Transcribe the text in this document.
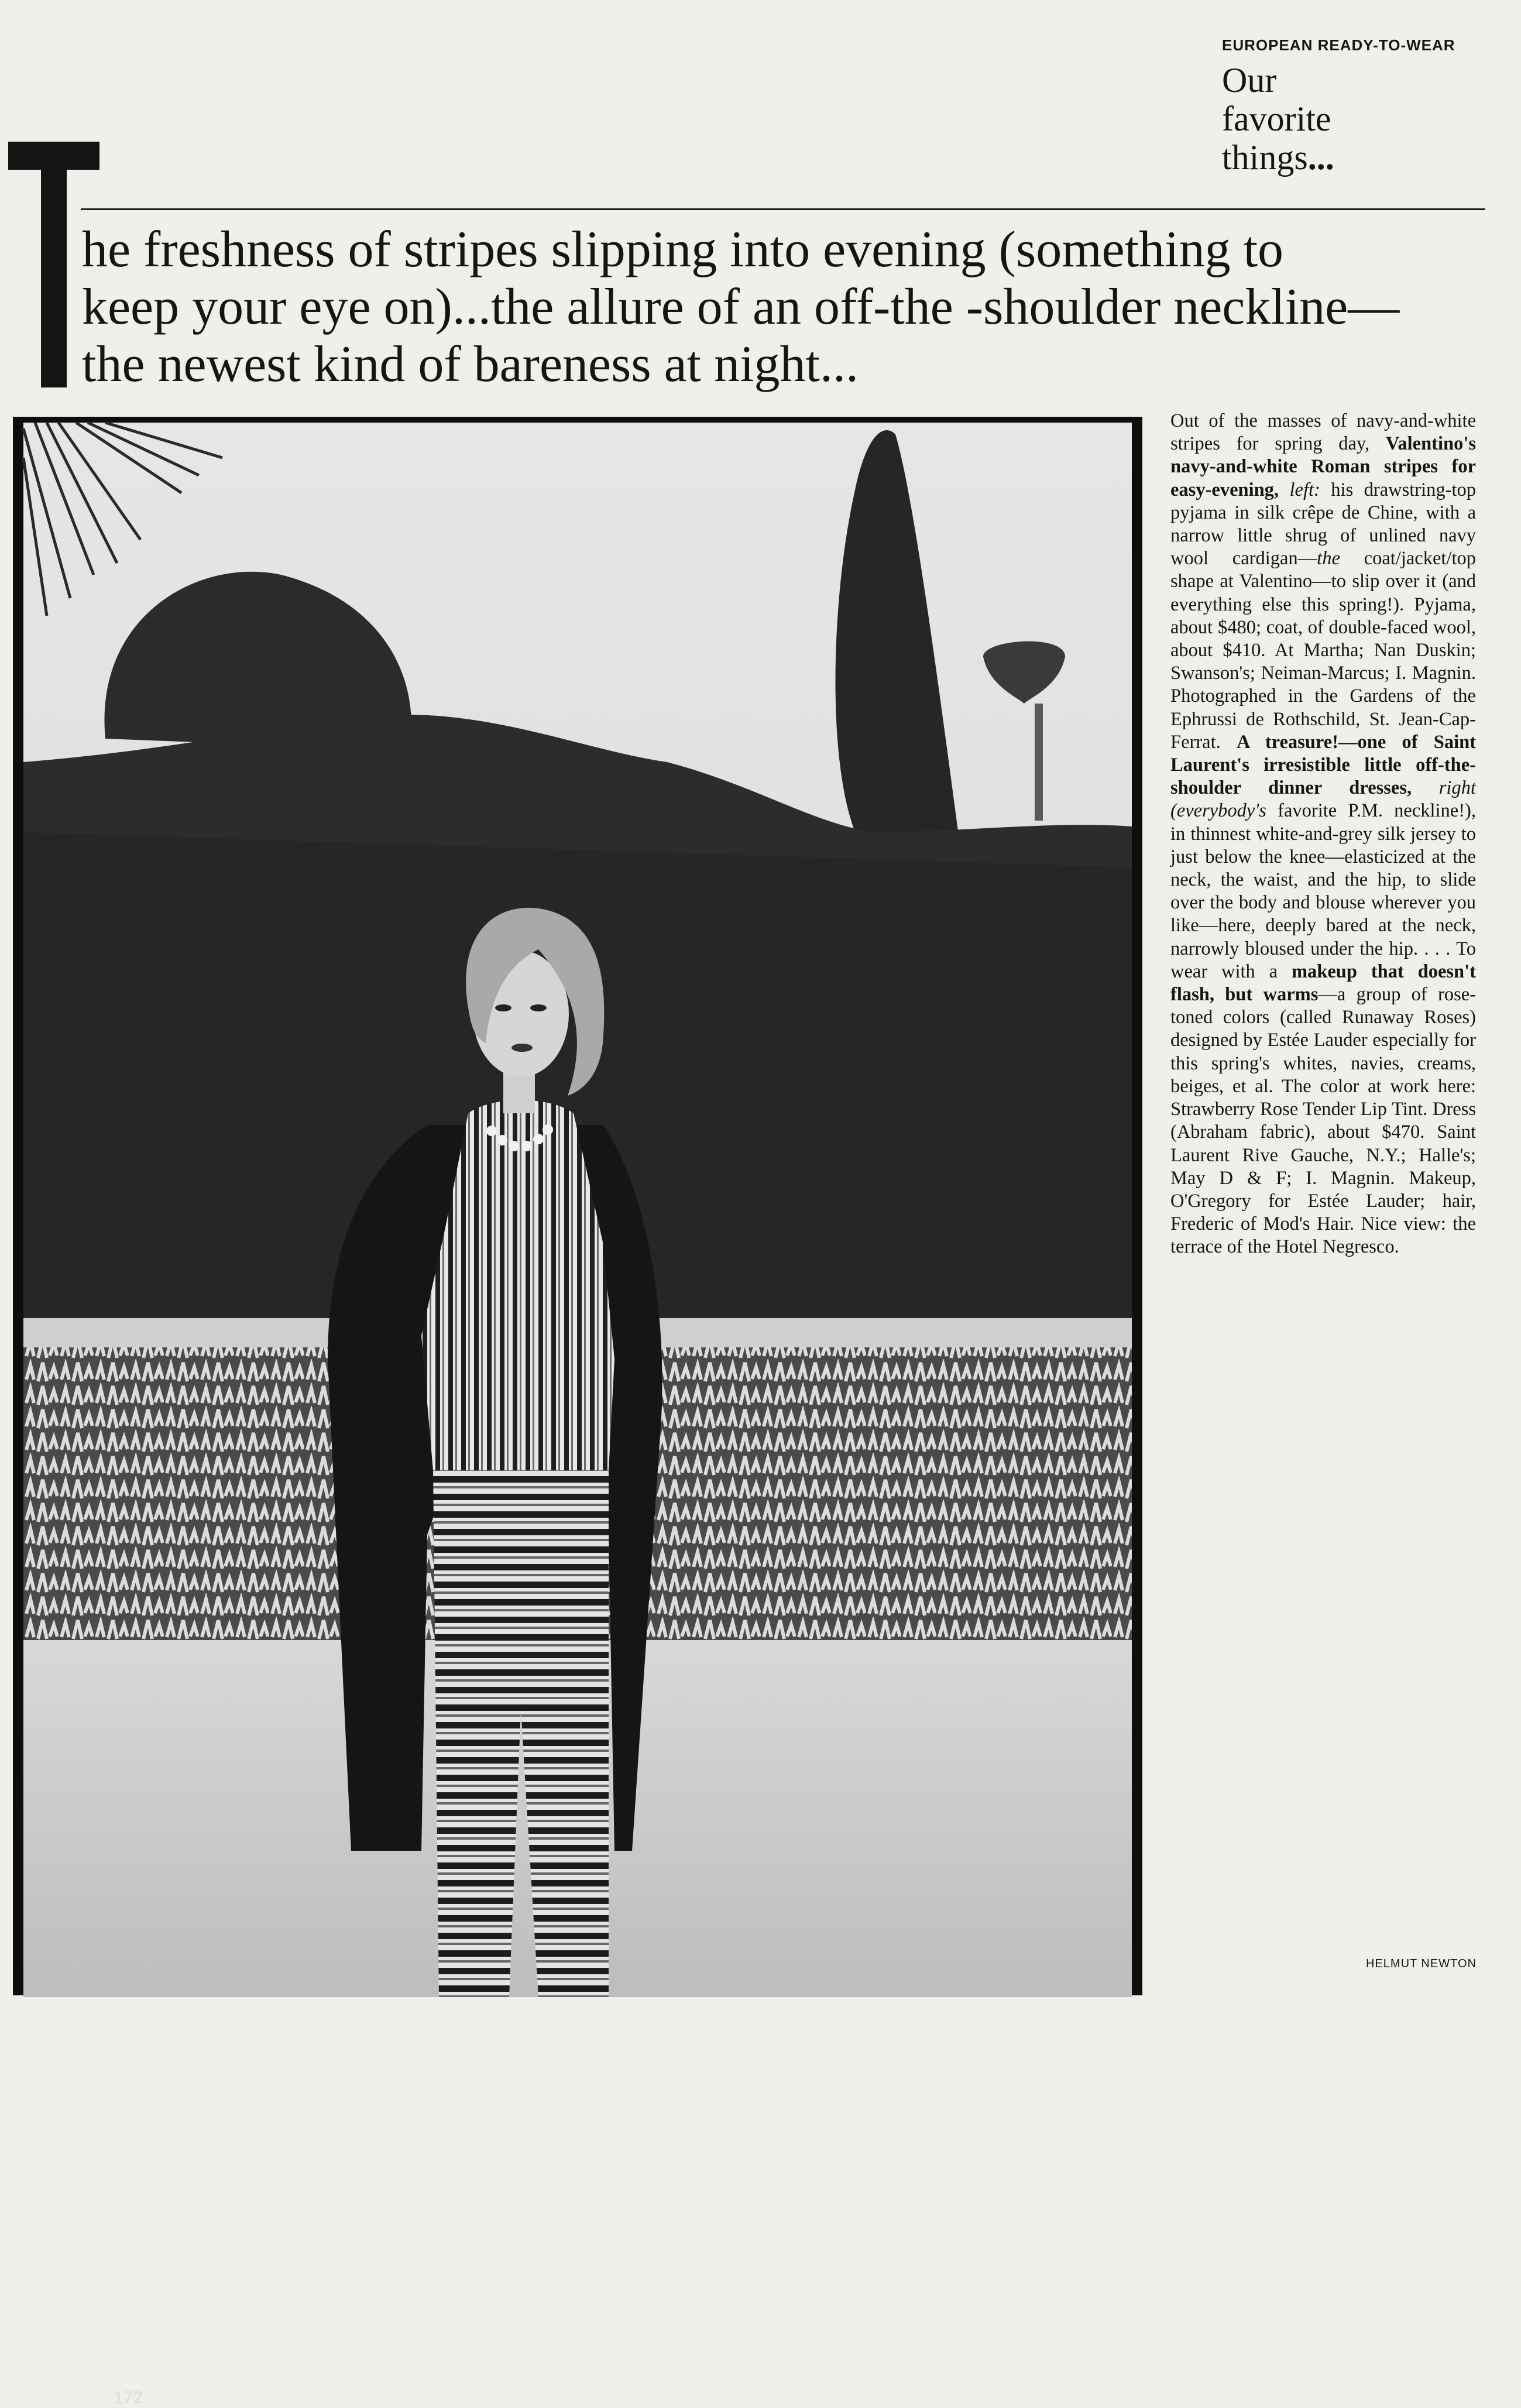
EUROPEAN READY-TO-WEAR
Our
favorite
things...
he freshness of stripes slipping into evening (something to
keep your eye on)...the allure of an off-the -shoulder neckline—
the newest kind of bareness at night...
172
Out of the masses of navy-and-white stripes for spring day, Valentino's navy-and-white Roman stripes for easy-evening, left: his drawstring-top pyjama in silk crêpe de Chine, with a narrow little shrug of unlined navy wool cardigan—the coat/jacket/top shape at Valentino—to slip over it (and everything else this spring!). Pyjama, about $480; coat, of double-faced wool, about $410. At Martha; Nan Duskin; Swanson's; Neiman-Marcus; I. Magnin. Photographed in the Gardens of the Ephrussi de Rothschild, St. Jean-Cap-Ferrat. A treasure!—one of Saint Laurent's irresistible little off-the-shoulder dinner dresses, right (everybody's favorite P.M. neckline!), in thinnest white-and-grey silk jersey to just below the knee—elasticized at the neck, the waist, and the hip, to slide over the body and blouse wherever you like—here, deeply bared at the neck, narrowly bloused under the hip. . . . To wear with a makeup that doesn't flash, but warms—a group of rose-toned colors (called Runaway Roses) designed by Estée Lauder especially for this spring's whites, navies, creams, beiges, et al. The color at work here: Strawberry Rose Tender Lip Tint. Dress (Abraham fabric), about $470. Saint Laurent Rive Gauche, N.Y.; Halle's; May D & F; I. Magnin. Makeup, O'Gregory for Estée Lauder; hair, Frederic of Mod's Hair. Nice view: the terrace of the Hotel Negresco.
HELMUT NEWTON
